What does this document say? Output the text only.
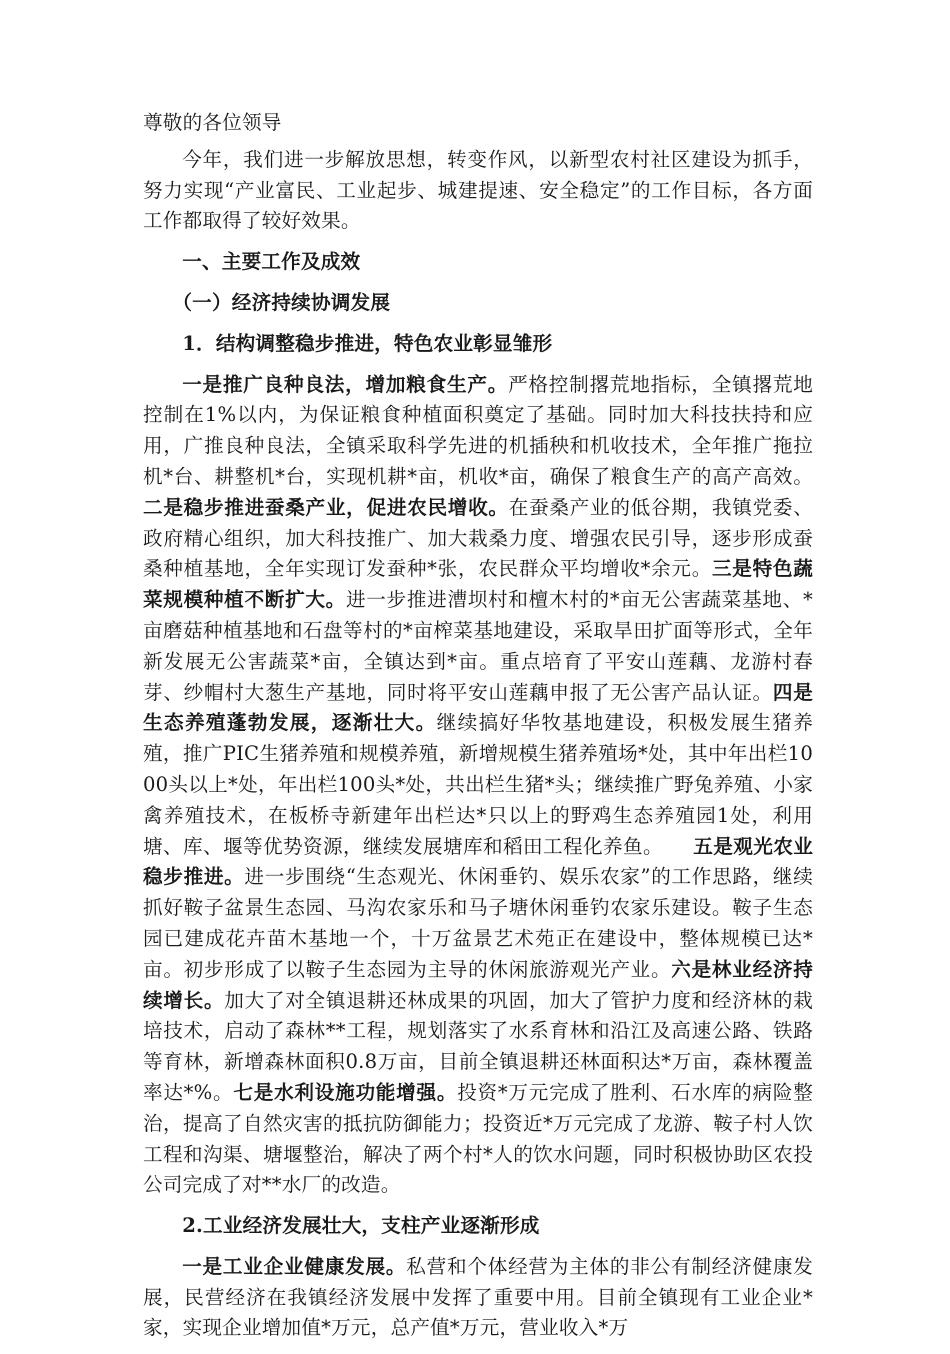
尊敬的各位领导

今年，我们进一步解放思想，转变作风，以新型农村社区建设为抓手，努力实现“产业富民、工业起步、城建提速、安全稳定”的工作目标，各方面工作都取得了较好效果。

一、主要工作及成效

（一）经济持续协调发展

1．结构调整稳步推进，特色农业彰显雏形

一是推广良种良法，增加粮食生产。严格控制撂荒地指标，全镇撂荒地控制在1%以内，为保证粮食种植面积奠定了基础。同时加大科技扶持和应用，广推良种良法，全镇采取科学先进的机插秧和机收技术，全年推广拖拉机*台、耕整机*台，实现机耕*亩，机收*亩，确保了粮食生产的高产高效。二是稳步推进蚕桑产业，促进农民增收。在蚕桑产业的低谷期，我镇党委、政府精心组织，加大科技推广、加大栽桑力度、增强农民引导，逐步形成蚕桑种植基地，全年实现订发蚕种*张，农民群众平均增收*余元。三是特色蔬菜规模种植不断扩大。进一步推进漕坝村和檀木村的*亩无公害蔬菜基地、*亩磨菇种植基地和石盘等村的*亩榨菜基地建设，采取旱田扩面等形式，全年新发展无公害蔬菜*亩，全镇达到*亩。重点培育了平安山莲藕、龙游村春芽、纱帽村大葱生产基地，同时将平安山莲藕申报了无公害产品认证。四是生态养殖蓬勃发展，逐渐壮大。继续搞好华牧基地建设，积极发展生猪养殖，推广PIC生猪养殖和规模养殖，新增规模生猪养殖场*处，其中年出栏1000头以上*处，年出栏100头*处，共出栏生猪*头；继续推广野兔养殖、小家禽养殖技术，在板桥寺新建年出栏达*只以上的野鸡生态养殖园1处，利用塘、库、堰等优势资源，继续发展塘库和稻田工程化养鱼。　　五是观光农业稳步推进。进一步围绕“生态观光、休闲垂钓、娱乐农家”的工作思路，继续抓好鞍子盆景生态园、马沟农家乐和马子塘休闲垂钓农家乐建设。鞍子生态园已建成花卉苗木基地一个，十万盆景艺术苑正在建设中，整体规模已达*亩。初步形成了以鞍子生态园为主导的休闲旅游观光产业。六是林业经济持续增长。加大了对全镇退耕还林成果的巩固，加大了管护力度和经济林的栽培技术，启动了森林**工程，规划落实了水系育林和沿江及高速公路、铁路等育林，新增森林面积0.8万亩，目前全镇退耕还林面积达*万亩，森林覆盖率达*%。七是水利设施功能增强。投资*万元完成了胜利、石水库的病险整治，提高了自然灾害的抵抗防御能力；投资近*万元完成了龙游、鞍子村人饮工程和沟渠、塘堰整治，解决了两个村*人的饮水问题，同时积极协助区农投公司完成了对**水厂的改造。

2.工业经济发展壮大，支柱产业逐渐形成

一是工业企业健康发展。私营和个体经营为主体的非公有制经济健康发展，民营经济在我镇经济发展中发挥了重要中用。目前全镇现有工业企业*家，实现企业增加值*万元，总产值*万元，营业收入*万
